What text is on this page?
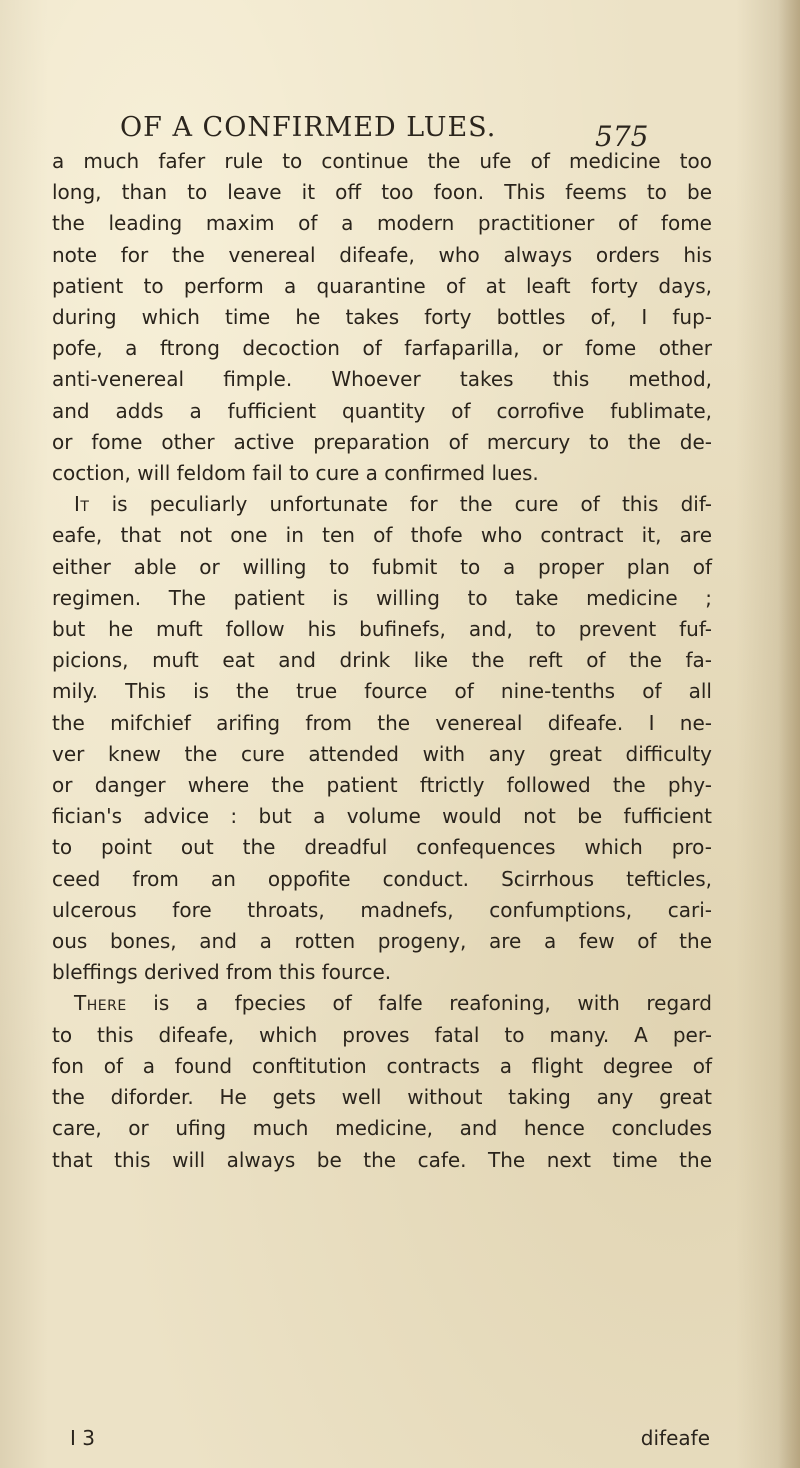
OF A CONFIRMED LUES.	575
a much fafer rule to continue the ufe of medicine too
long, than to leave it off too foon. This feems to be
the leading maxim of a modern practitioner of fome
note for the venereal difeafe, who always orders his
patient to perform a quarantine of at leaft forty days,
during which time he takes forty bottles of, I fup-
pofe, a ftrong decoction of farfaparilla, or fome other
anti-venereal fimple. Whoever takes this method,
and adds a fufficient quantity of corrofive fublimate,
or fome other active preparation of mercury to the de-
coction, will feldom fail to cure a confirmed lues.
It is peculiarly unfortunate for the cure of this dif-
eafe, that not one in ten of thofe who contract it, are
either able or willing to fubmit to a proper plan of
regimen. The patient is willing to take medicine ;
but he muft follow his bufinefs, and, to prevent fuf-
picions, muft eat and drink like the reft of the fa-
mily. This is the true fource of nine-tenths of all
the mifchief arifing from the venereal difeafe. I ne-
ver knew the cure attended with any great difficulty
or danger where the patient ftrictly followed the phy-
fician's advice : but a volume would not be fufficient
to point out the dreadful confequences which pro-
ceed from an oppofite conduct. Scirrhous tefticles,
ulcerous fore throats, madnefs, confumptions, cari-
ous bones, and a rotten progeny, are a few of the
bleffings derived from this fource.
There is a fpecies of falfe reafoning, with regard
to this difeafe, which proves fatal to many. A per-
fon of a found conftitution contracts a flight degree of
the diforder. He gets well without taking any great
care, or ufing much medicine, and hence concludes
that this will always be the cafe. The next time the
I 3	difeafe
